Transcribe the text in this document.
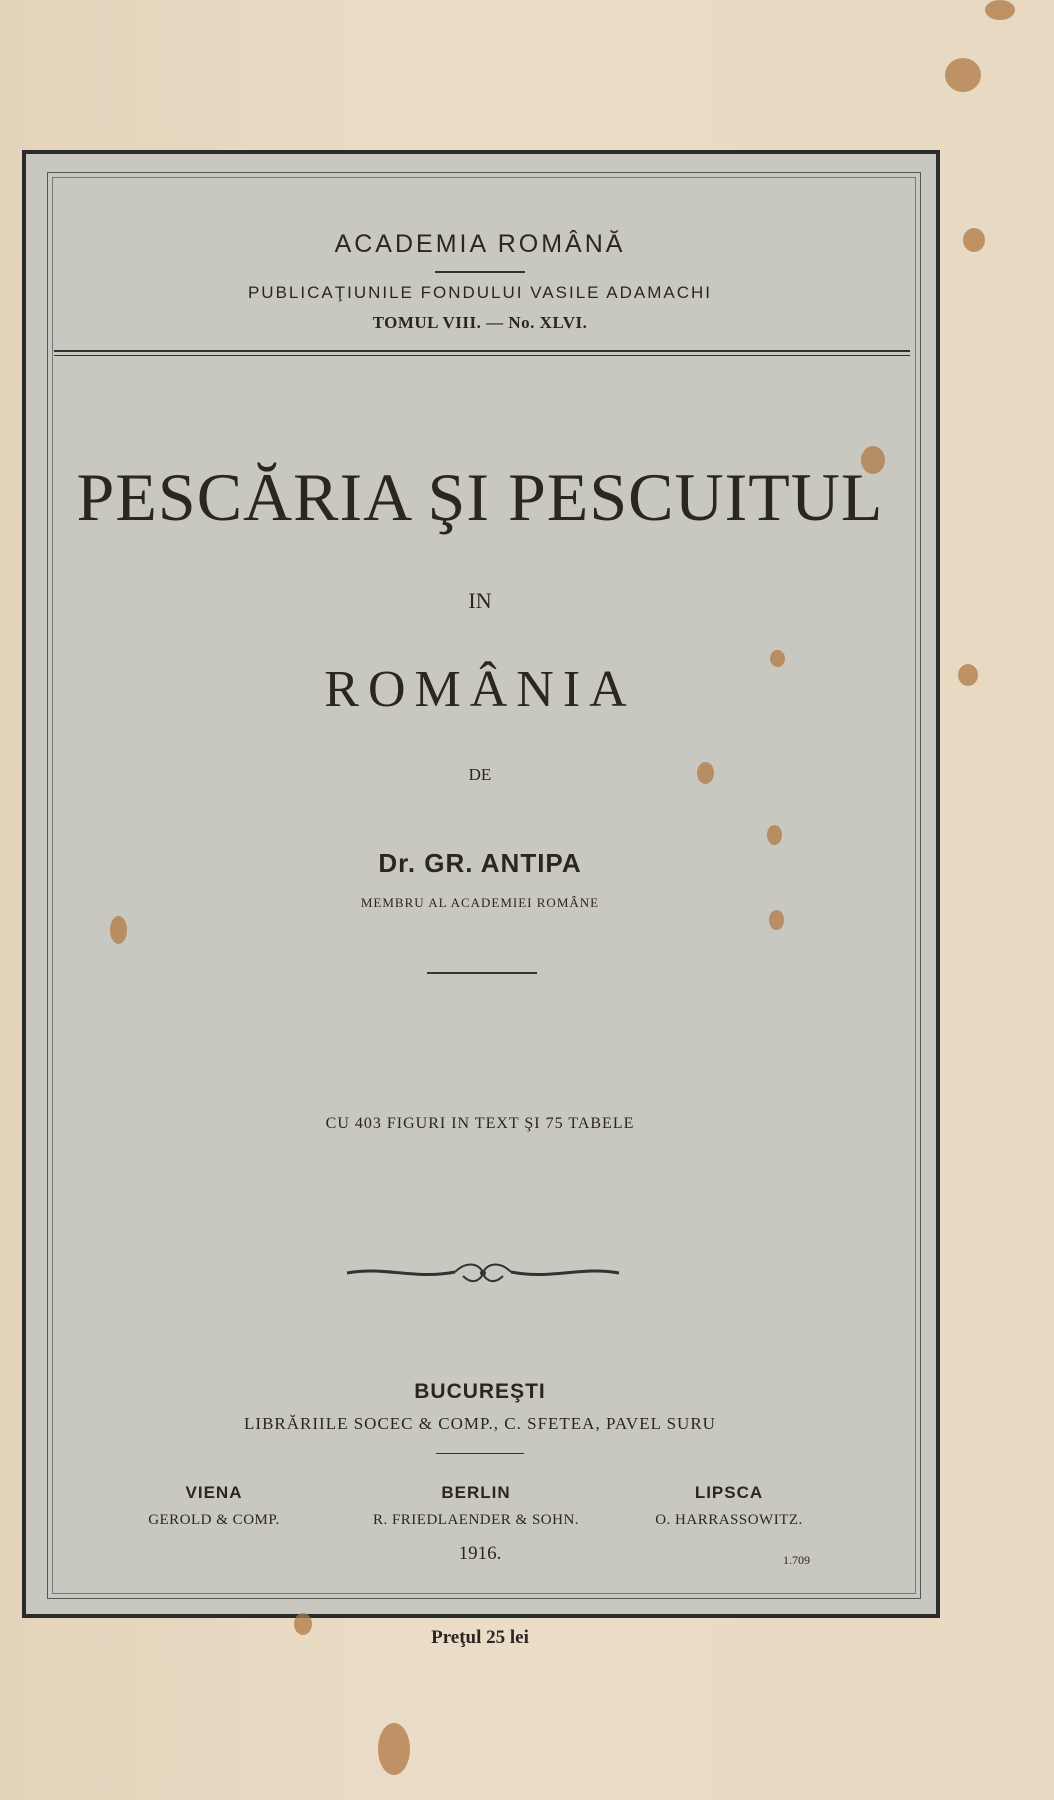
ACADEMIA ROMÂNĂ
PUBLICAŢIUNILE FONDULUI VASILE ADAMACHI
TOMUL VIII. — No. XLVI.
PESCĂRIA ŞI PESCUITUL
IN
ROMÂNIA
DE
Dr. GR. ANTIPA
MEMBRU AL ACADEMIEI ROMÂNE
CU 403 FIGURI IN TEXT ŞI 75 TABELE
BUCUREŞTI
LIBRĂRIILE SOCEC & COMP., C. SFETEA, PAVEL SURU
VIENA
GEROLD & COMP.
BERLIN
R. FRIEDLAENDER & SOHN.
LIPSCA
O. HARRASSOWITZ.
1916.	1.709
Preţul 25 lei
